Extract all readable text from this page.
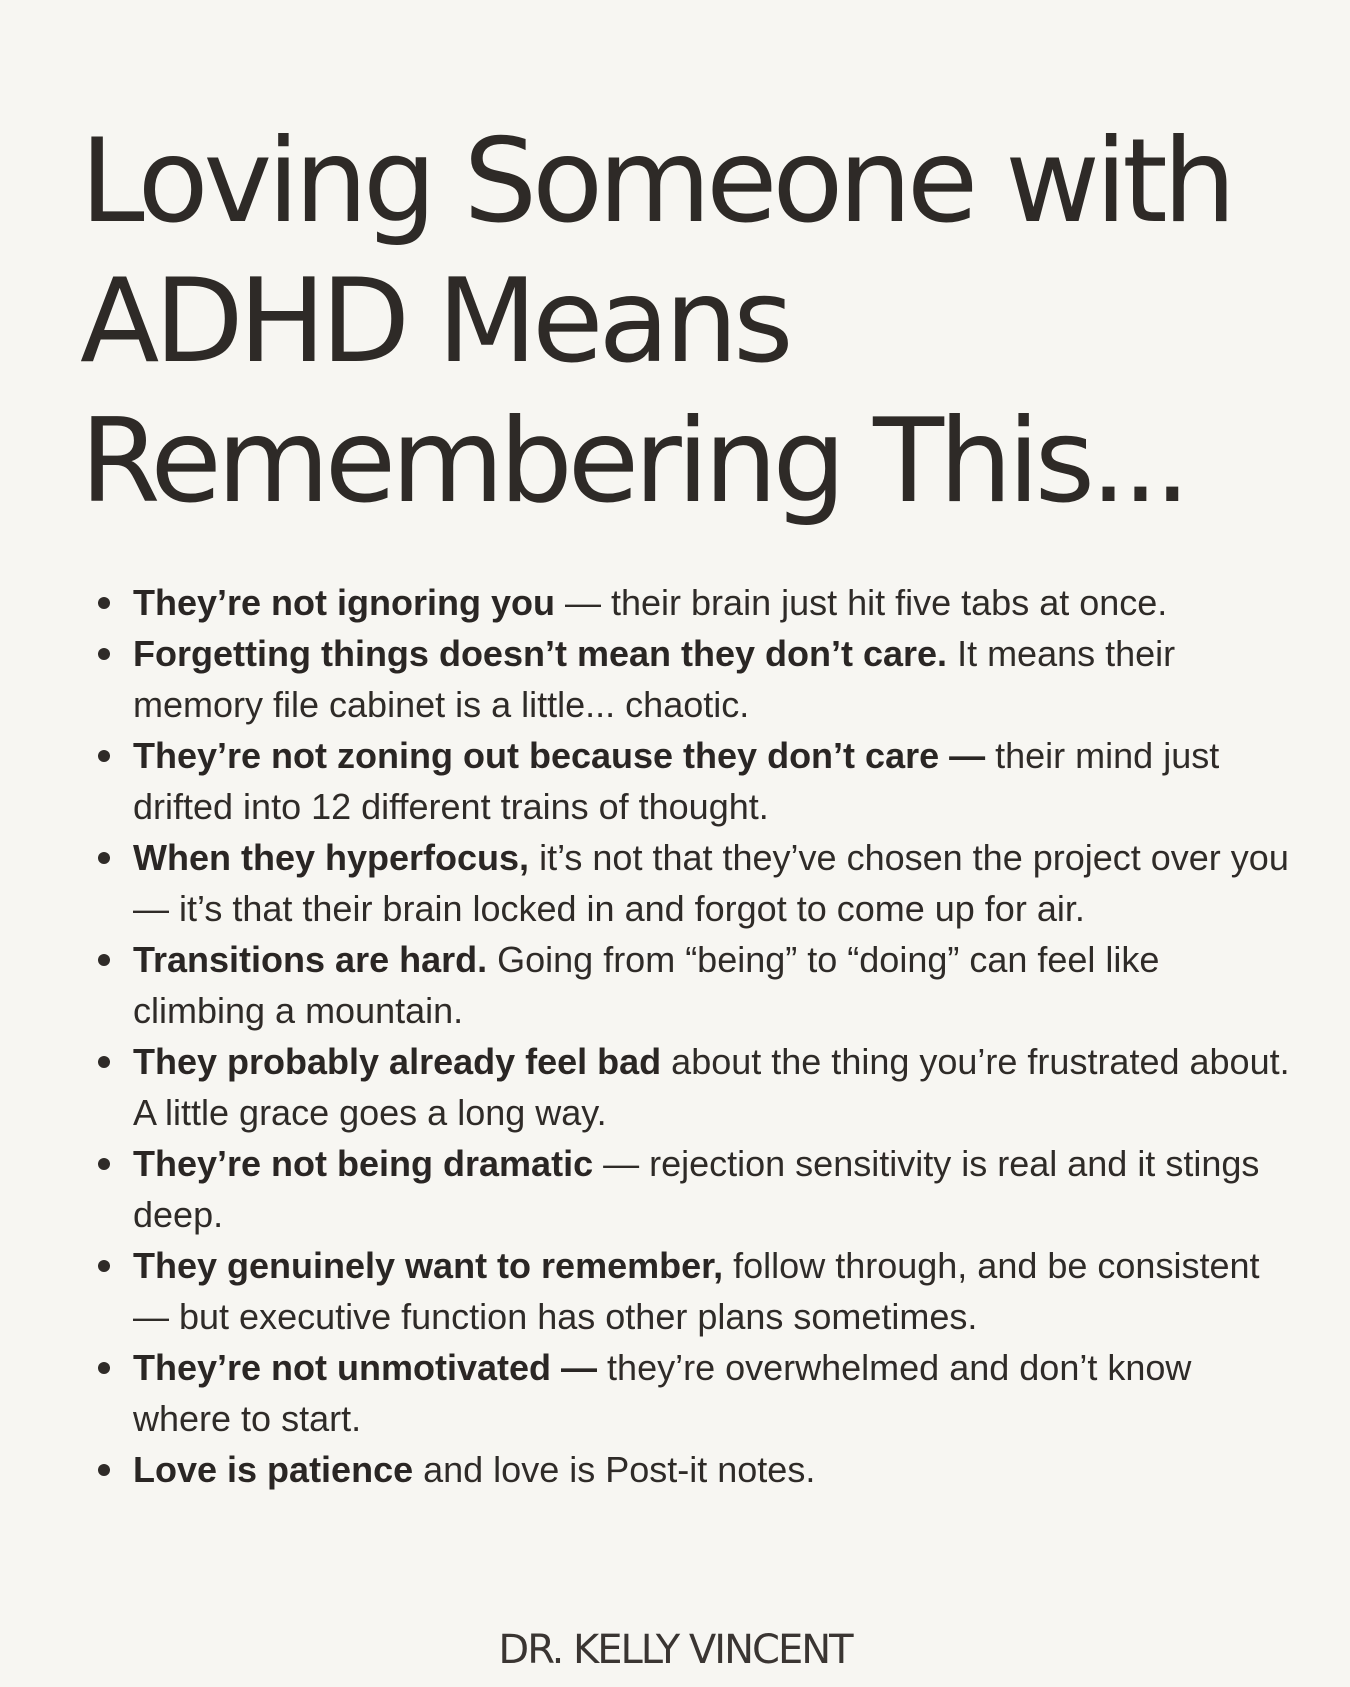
Loving Someone with
ADHD Means
Remembering This...
They’re not ignoring you — their brain just hit five tabs at once.
Forgetting things doesn’t mean they don’t care. It means their memory file cabinet is a little... chaotic.
They’re not zoning out because they don’t care — their mind just drifted into 12 different trains of thought.
When they hyperfocus, it’s not that they’ve chosen the project over you — it’s that their brain locked in and forgot to come up for air.
Transitions are hard. Going from “being” to “doing” can feel like climbing a mountain.
They probably already feel bad about the thing you’re frustrated about. A little grace goes a long way.
They’re not being dramatic — rejection sensitivity is real and it stings deep.
They genuinely want to remember, follow through, and be consistent — but executive function has other plans sometimes.
They’re not unmotivated — they’re overwhelmed and don’t know where to start.
Love is patience and love is Post-it notes.
DR. KELLY VINCENT
